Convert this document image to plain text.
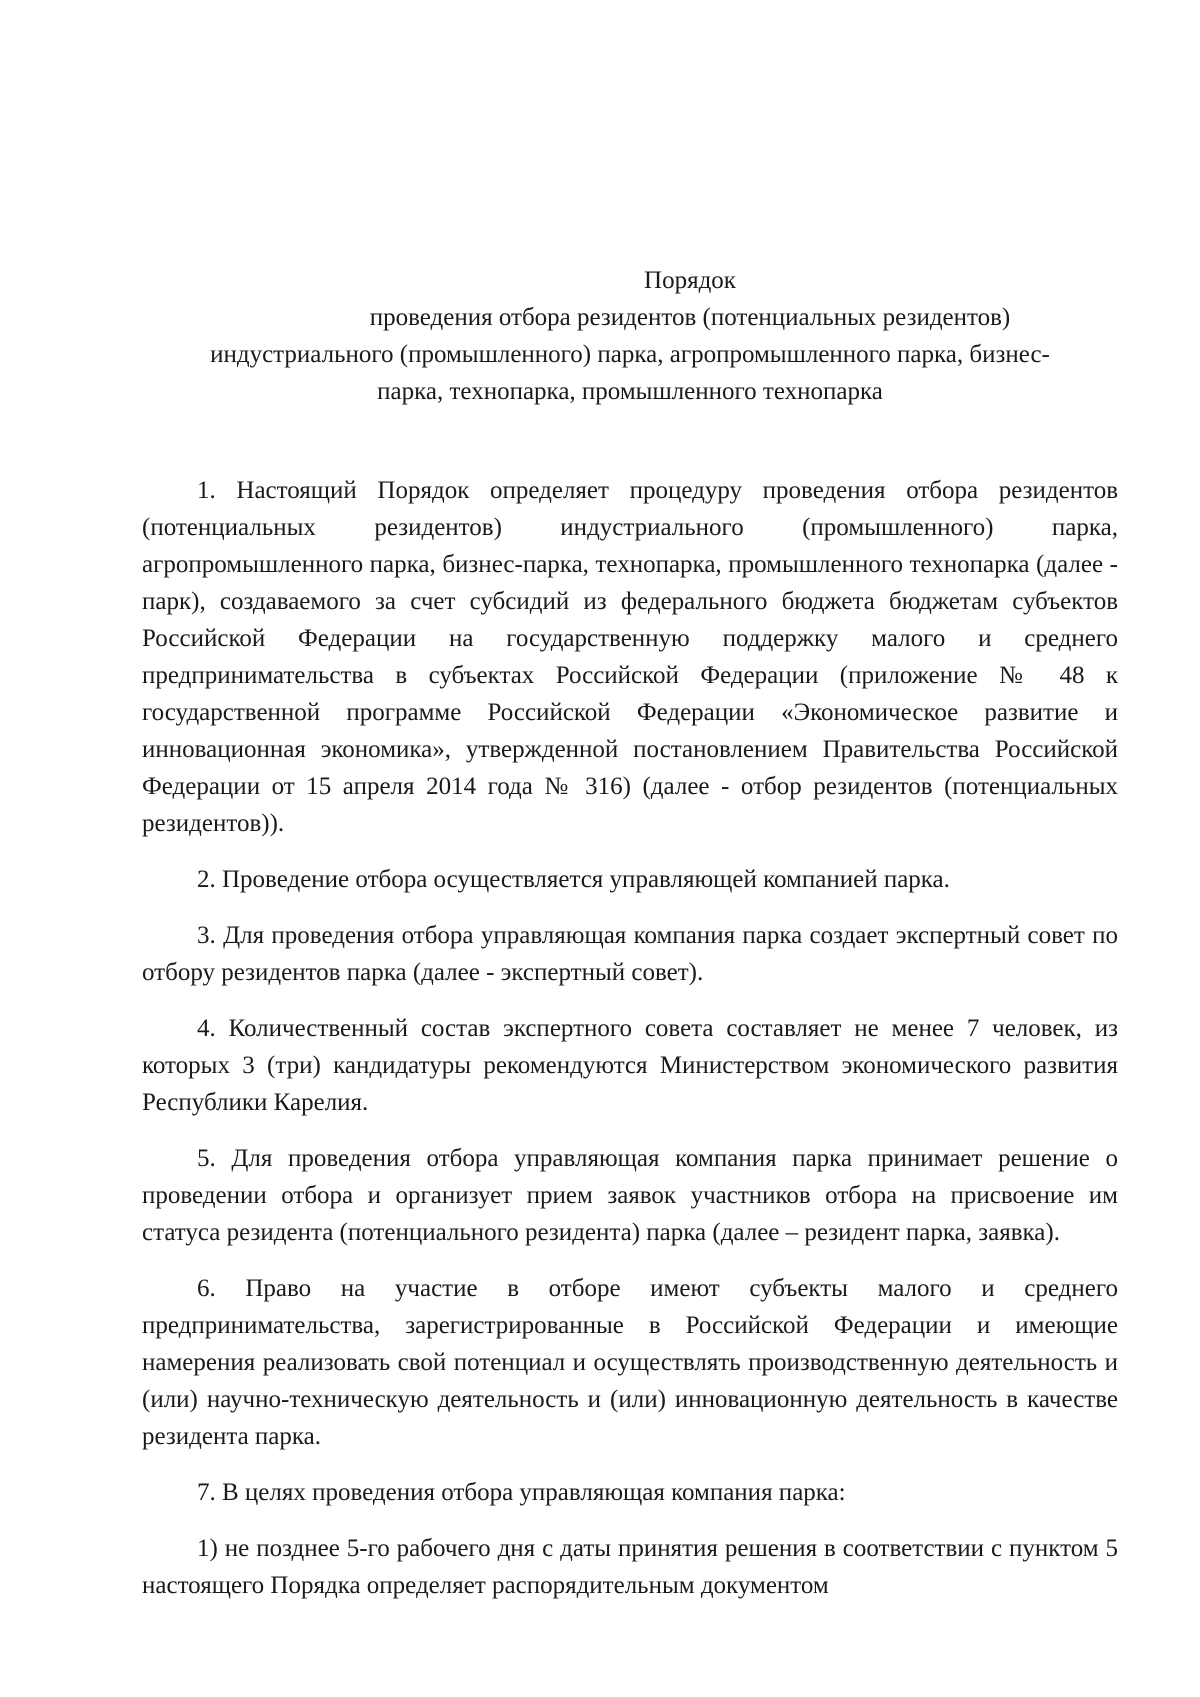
Порядок
проведения отбора резидентов (потенциальных резидентов)
индустриального (промышленного) парка, агропромышленного парка, бизнес-
парка, технопарка, промышленного технопарка

1. Настоящий Порядок определяет процедуру проведения отбора резидентов (потенциальных резидентов) индустриального (промышленного) парка, агропромышленного парка, бизнес-парка, технопарка, промышленного технопарка (далее - парк), создаваемого за счет субсидий из федерального бюджета бюджетам субъектов Российской Федерации на государственную поддержку малого и среднего предпринимательства в субъектах Российской Федерации (приложение № 48 к государственной программе Российской Федерации «Экономическое развитие и инновационная экономика», утвержденной постановлением Правительства Российской Федерации от 15 апреля 2014 года № 316) (далее - отбор резидентов (потенциальных резидентов)).

2. Проведение отбора осуществляется управляющей компанией парка.

3. Для проведения отбора управляющая компания парка создает экспертный совет по отбору резидентов парка (далее - экспертный совет).

4. Количественный состав экспертного совета составляет не менее 7 человек, из которых 3 (три) кандидатуры рекомендуются Министерством экономического развития Республики Карелия.

5. Для проведения отбора управляющая компания парка принимает решение о проведении отбора и организует прием заявок участников отбора на присвоение им статуса резидента (потенциального резидента) парка (далее – резидент парка, заявка).

6. Право на участие в отборе имеют субъекты малого и среднего предпринимательства, зарегистрированные в Российской Федерации и имеющие намерения реализовать свой потенциал и осуществлять производственную деятельность и (или) научно-техническую деятельность и (или) инновационную деятельность в качестве резидента парка.

7. В целях проведения отбора управляющая компания парка:

1) не позднее 5-го рабочего дня с даты принятия решения в соответствии с пунктом 5 настоящего Порядка определяет распорядительным документом
